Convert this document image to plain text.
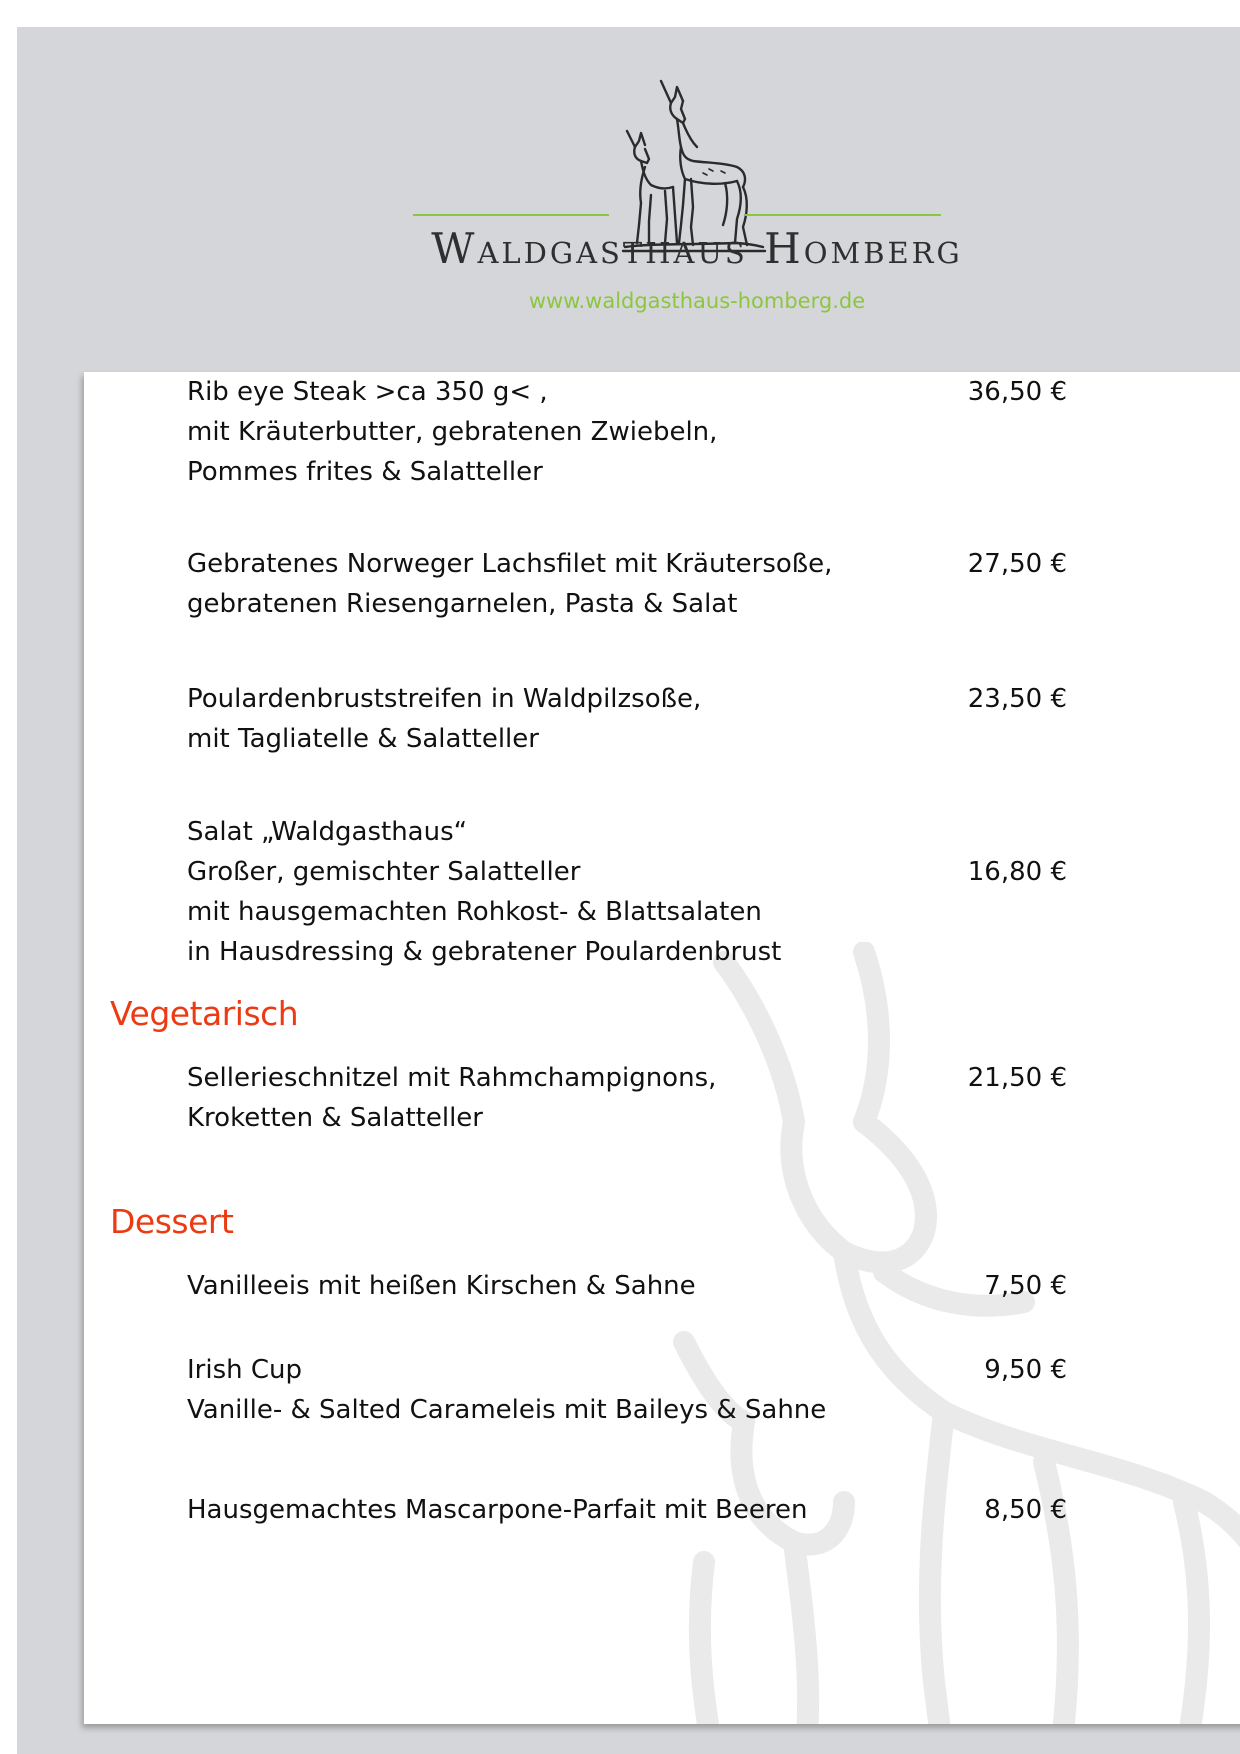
Waldgasthaus Homberg
www.waldgasthaus-homberg.de
Rib eye Steak >ca 350 g< ,
mit Kräuterbutter, gebratenen Zwiebeln,
Pommes frites & Salatteller
36,50 €
Gebratenes Norweger Lachsfilet mit Kräutersoße,
gebratenen Riesengarnelen, Pasta & Salat
27,50 €
Poulardenbruststreifen in Waldpilzsoße,
mit Tagliatelle & Salatteller
23,50 €
Salat „Waldgasthaus“
Großer, gemischter Salatteller
mit hausgemachten Rohkost- & Blattsalaten
in Hausdressing & gebratener Poulardenbrust
16,80 €
Vegetarisch
Sellerieschnitzel mit Rahmchampignons,
Kroketten & Salatteller
21,50 €
Dessert
Vanilleeis mit heißen Kirschen & Sahne	7,50 €
Irish Cup
Vanille- & Salted Carameleis mit Baileys & Sahne
9,50 €
Hausgemachtes Mascarpone-Parfait mit Beeren	8,50 €
